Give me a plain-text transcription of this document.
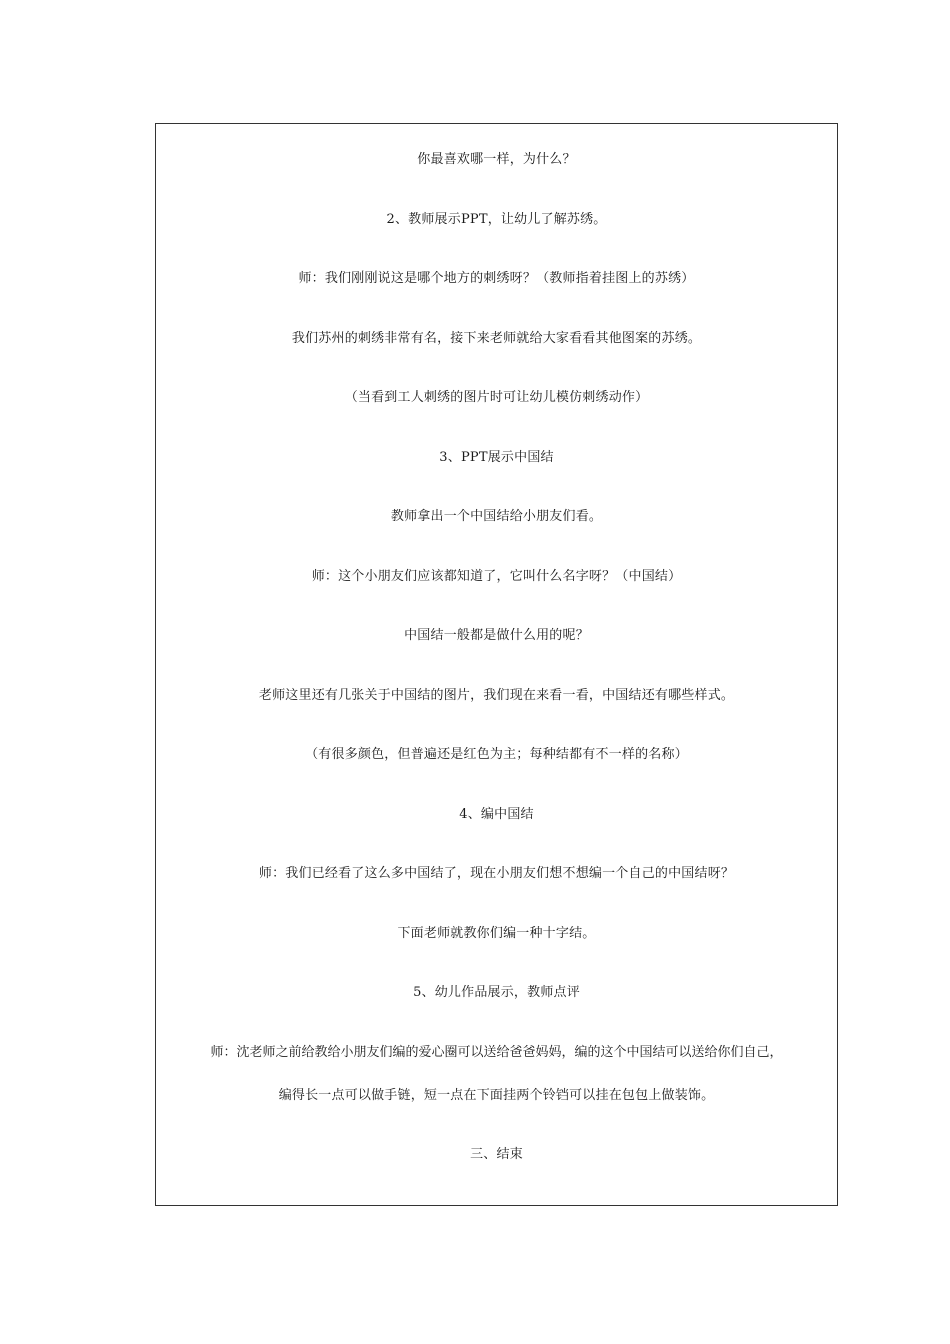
你最喜欢哪一样，为什么？
2、教师展示PPT，让幼儿了解苏绣。
师：我们刚刚说这是哪个地方的刺绣呀？（教师指着挂图上的苏绣）
我们苏州的刺绣非常有名，接下来老师就给大家看看其他图案的苏绣。
（当看到工人刺绣的图片时可让幼儿模仿刺绣动作）
3、PPT展示中国结
教师拿出一个中国结给小朋友们看。
师：这个小朋友们应该都知道了，它叫什么名字呀？（中国结）
中国结一般都是做什么用的呢？
老师这里还有几张关于中国结的图片，我们现在来看一看，中国结还有哪些样式。
（有很多颜色，但普遍还是红色为主；每种结都有不一样的名称）
4、编中国结
师：我们已经看了这么多中国结了，现在小朋友们想不想编一个自己的中国结呀？
下面老师就教你们编一种十字结。
5、幼儿作品展示，教师点评
师：沈老师之前给教给小朋友们编的爱心圈可以送给爸爸妈妈，编的这个中国结可以送给你们自己，
编得长一点可以做手链，短一点在下面挂两个铃铛可以挂在包包上做装饰。
三、结束
